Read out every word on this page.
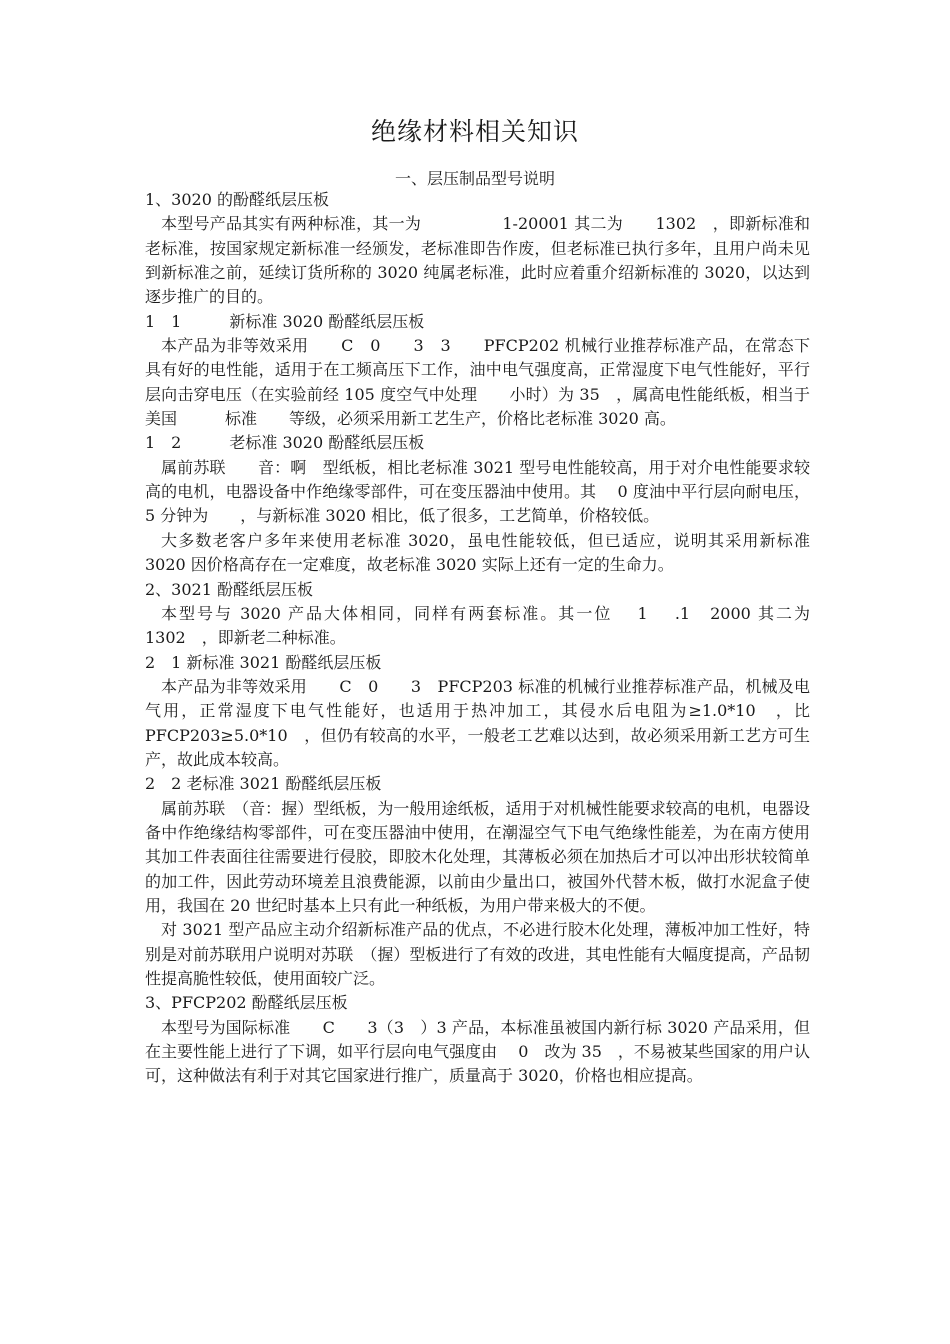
绝缘材料相关知识
一、层压制品型号说明

1、3020 的酚醛纸层压板

本型号产品其实有两种标准，其一为　　　　　1-20001 其二为　　1302　，即新标准和老标准，按国家规定新标准一经颁发，老标准即告作废，但老标准已执行多年，且用户尚未见到新标准之前，延续订货所称的 3020 纯属老标准，此时应着重介绍新标准的 3020，以达到逐步推广的目的。

1　1　　　新标准 3020 酚醛纸层压板

本产品为非等效采用　　C　0　　3　3　　PFCP202 机械行业推荐标准产品，在常态下具有好的电性能，适用于在工频高压下工作，油中电气强度高，正常湿度下电气性能好，平行层向击穿电压（在实验前经 105 度空气中处理　　小时）为 35　，属高电性能纸板，相当于美国　　　标准　　等级，必须采用新工艺生产，价格比老标准 3020 高。

1　2　　　老标准 3020 酚醛纸层压板

属前苏联　　音：啊　型纸板，相比老标准 3021 型号电性能较高，用于对介电性能要求较高的电机，电器设备中作绝缘零部件，可在变压器油中使用。其　 0 度油中平行层向耐电压，5 分钟为　　，与新标准 3020 相比，低了很多，工艺简单，价格较低。

大多数老客户多年来使用老标准 3020，虽电性能较低，但已适应，说明其采用新标准 3020 因价格高存在一定难度，故老标准 3020 实际上还有一定的生命力。

2、3021 酚醛纸层压板

本型号与 3020 产品大体相同，同样有两套标准。其一位　 1　 .1　2000 其二为　　1302　，即新老二种标准。

2　1 新标准 3021 酚醛纸层压板

本产品为非等效采用　　C　0　　3　PFCP203 标准的机械行业推荐标准产品，机械及电气用，正常湿度下电气性能好，也适用于热冲加工，其侵水后电阻为≥1.0*10　，比 PFCP203≥5.0*10　，但仍有较高的水平，一般老工艺难以达到，故必须采用新工艺方可生产，故此成本较高。

2　2 老标准 3021 酚醛纸层压板

属前苏联　（音：握）型纸板，为一般用途纸板，适用于对机械性能要求较高的电机，电器设备中作绝缘结构零部件，可在变压器油中使用，在潮湿空气下电气绝缘性能差，为在南方使用其加工件表面往往需要进行侵胶，即胶木化处理，其薄板必须在加热后才可以冲出形状较简单的加工件，因此劳动环境差且浪费能源，以前由少量出口，被国外代替木板，做打水泥盒子使用，我国在 20 世纪时基本上只有此一种纸板，为用户带来极大的不便。

对 3021 型产品应主动介绍新标准产品的优点，不必进行胶木化处理，薄板冲加工性好，特别是对前苏联用户说明对苏联　（握）型板进行了有效的改进，其电性能有大幅度提高，产品韧性提高脆性较低，使用面较广泛。

3、PFCP202 酚醛纸层压板

本型号为国际标准　　C　　3（3　）3 产品，本标准虽被国内新行标 3020 产品采用，但在主要性能上进行了下调，如平行层向电气强度由　 0　改为 35　，不易被某些国家的用户认可，这种做法有利于对其它国家进行推广，质量高于 3020，价格也相应提高。
